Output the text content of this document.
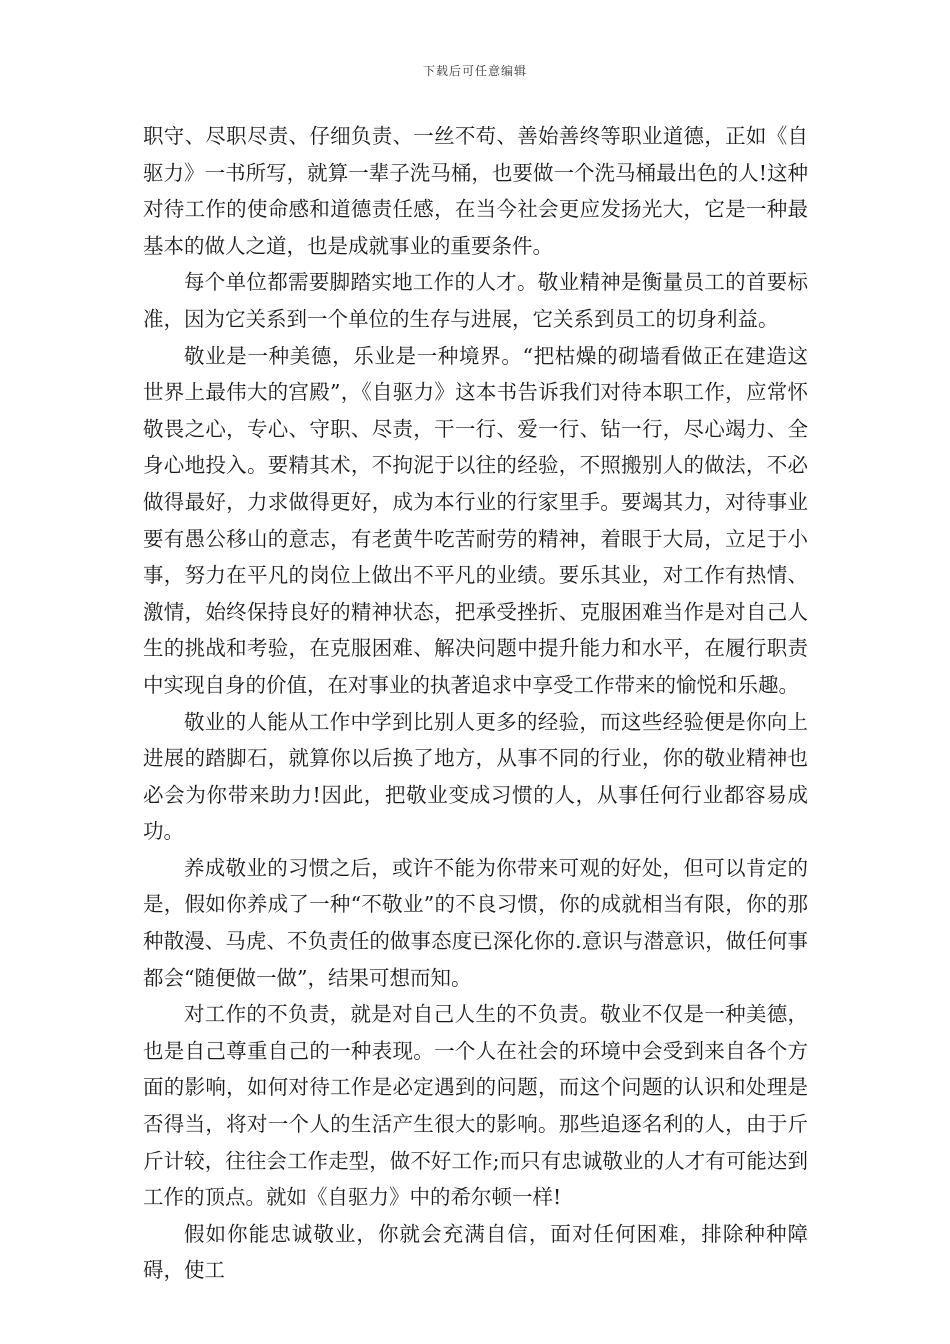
下载后可任意编辑

职守、尽职尽责、仔细负责、一丝不苟、善始善终等职业道德，正如《自驱力》一书所写，就算一辈子洗马桶，也要做一个洗马桶最出色的人!这种对待工作的使命感和道德责任感，在当今社会更应发扬光大，它是一种最基本的做人之道，也是成就事业的重要条件。

每个单位都需要脚踏实地工作的人才。敬业精神是衡量员工的首要标准，因为它关系到一个单位的生存与进展，它关系到员工的切身利益。

敬业是一种美德，乐业是一种境界。“把枯燥的砌墙看做正在建造这世界上最伟大的宫殿”，《自驱力》这本书告诉我们对待本职工作，应常怀敬畏之心，专心、守职、尽责，干一行、爱一行、钻一行，尽心竭力、全身心地投入。要精其术，不拘泥于以往的经验，不照搬别人的做法，不必做得最好，力求做得更好，成为本行业的行家里手。要竭其力，对待事业要有愚公移山的意志，有老黄牛吃苦耐劳的精神，着眼于大局，立足于小事，努力在平凡的岗位上做出不平凡的业绩。要乐其业，对工作有热情、激情，始终保持良好的精神状态，把承受挫折、克服困难当作是对自己人生的挑战和考验，在克服困难、解决问题中提升能力和水平，在履行职责中实现自身的价值，在对事业的执著追求中享受工作带来的愉悦和乐趣。

敬业的人能从工作中学到比别人更多的经验，而这些经验便是你向上进展的踏脚石，就算你以后换了地方，从事不同的行业，你的敬业精神也必会为你带来助力!因此，把敬业变成习惯的人，从事任何行业都容易成功。

养成敬业的习惯之后，或许不能为你带来可观的好处，但可以肯定的是，假如你养成了一种“不敬业”的不良习惯，你的成就相当有限，你的那种散漫、马虎、不负责任的做事态度已深化你的.意识与潜意识，做任何事都会“随便做一做”，结果可想而知。

对工作的不负责，就是对自己人生的不负责。敬业不仅是一种美德，也是自己尊重自己的一种表现。一个人在社会的环境中会受到来自各个方面的影响，如何对待工作是必定遇到的问题，而这个问题的认识和处理是否得当，将对一个人的生活产生很大的影响。那些追逐名利的人，由于斤斤计较，往往会工作走型，做不好工作;而只有忠诚敬业的人才有可能达到工作的顶点。就如《自驱力》中的希尔顿一样!

假如你能忠诚敬业，你就会充满自信，面对任何困难，排除种种障碍，使工
